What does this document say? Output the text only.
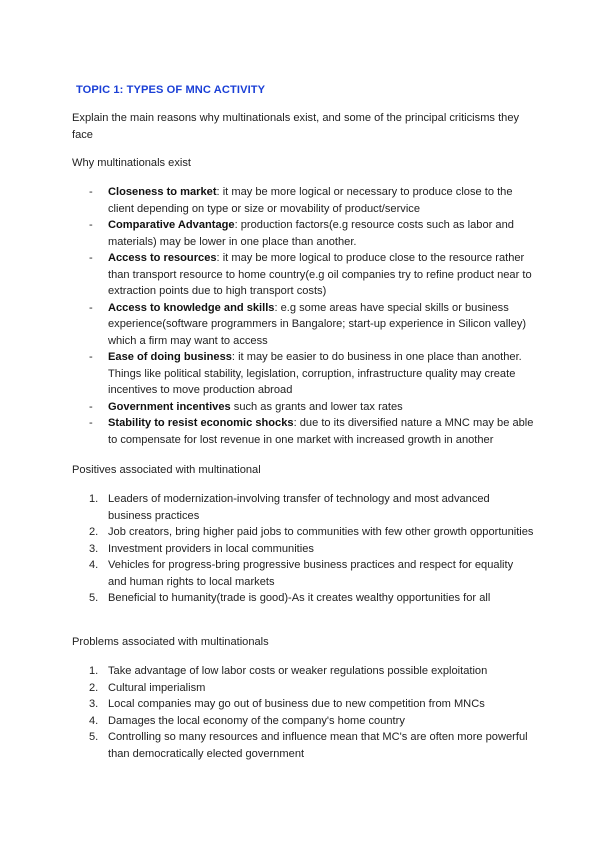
TOPIC 1: TYPES OF MNC ACTIVITY
Explain the main reasons why multinationals exist, and some of the principal criticisms they face
Why multinationals exist
- Closeness to market: it may be more logical or necessary to produce close to the client depending on type or size or movability of product/service
- Comparative Advantage: production factors(e.g resource costs such as labor and materials) may be lower in one place than another.
- Access to resources: it may be more logical to produce close to the resource rather than transport resource to home country(e.g oil companies try to refine product near to extraction points due to high transport costs)
- Access to knowledge and skills: e.g some areas have special skills or business experience(software programmers in Bangalore; start-up experience in Silicon valley) which a firm may want to access
- Ease of doing business: it may be easier to do business in one place than another. Things like political stability, legislation, corruption, infrastructure quality may create incentives to move production abroad
- Government incentives such as grants and lower tax rates
- Stability to resist economic shocks: due to its diversified nature a MNC may be able to compensate for lost revenue in one market with increased growth in another
Positives associated with multinational
1. Leaders of modernization-involving transfer of technology and most advanced business practices
2. Job creators, bring higher paid jobs to communities with few other growth opportunities
3. Investment providers in local communities
4. Vehicles for progress-bring progressive business practices and respect for equality and human rights to local markets
5. Beneficial to humanity(trade is good)-As it creates wealthy opportunities for all
Problems associated with multinationals
1. Take advantage of low labor costs or weaker regulations possible exploitation
2. Cultural imperialism
3. Local companies may go out of business due to new competition from MNCs
4. Damages the local economy of the company's home country
5. Controlling so many resources and influence mean that MC's are often more powerful than democratically elected government
